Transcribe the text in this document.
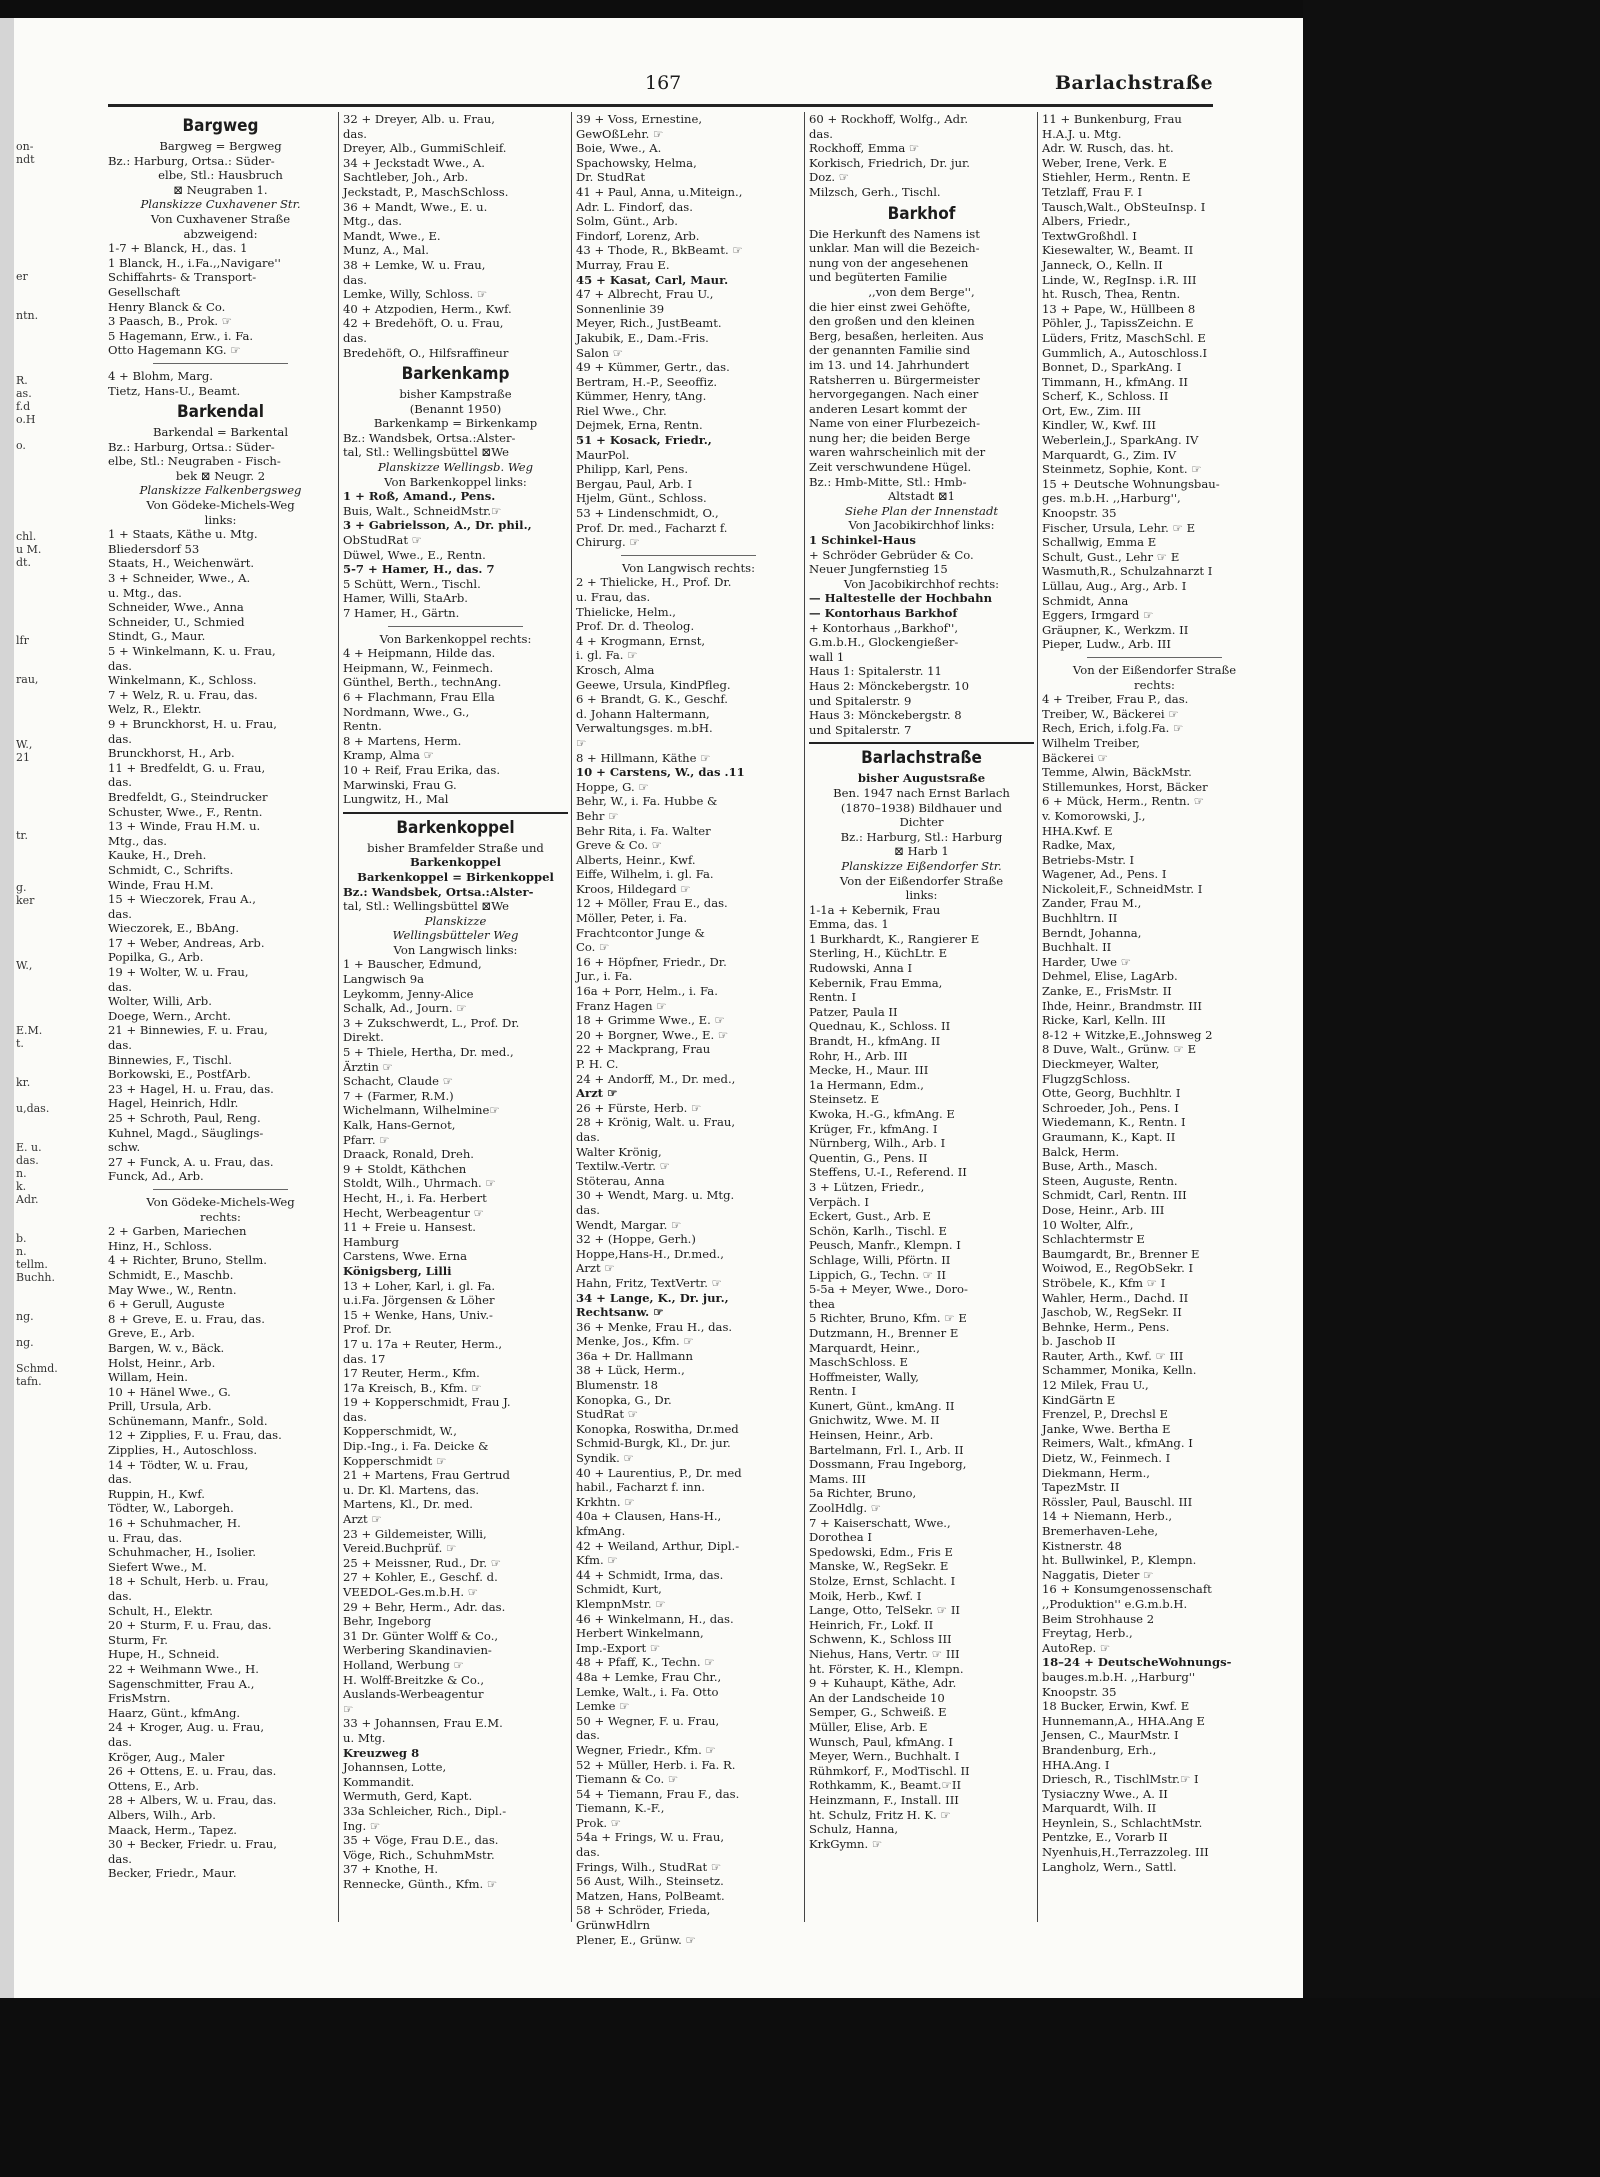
on-
ndt
er
ntn.
R.
as.
f.d
o.H
o.
chl.
u M.
dt.
lfr
rau,
W.,
21
tr.
g.
ker
W.,
E.M.
t.
kr.
u,das.
E. u.
das.
n.
k.
Adr.
b.
n.
tellm.
Buchh.
ng.
ng.
Schmd.
tafn.
167	Barlachstraße
Bargweg
Bargweg = Bergweg
Bz.: Harburg, Ortsa.: Süder-
elbe, Stl.: Hausbruch
⊠ Neugraben 1.
Planskizze Cuxhavener Str.
Von Cuxhavener Straße
abzweigend:
1-7 + Blanck, H., das. 1
1 Blanck, H., i.Fa.,,Navigare''
Schiffahrts- & Transport-
Gesellschaft
Henry Blanck & Co.
3 Paasch, B., Prok. ☞
5 Hagemann, Erw., i. Fa.
Otto Hagemann KG. ☞
4 + Blohm, Marg.
Tietz, Hans-U., Beamt.
Barkendal
Barkendal = Barkental
Bz.: Harburg, Ortsa.: Süder-
elbe, Stl.: Neugraben - Fisch-
bek ⊠ Neugr. 2
Planskizze Falkenbergsweg
Von Gödeke-Michels-Weg
links:
1 + Staats, Käthe u. Mtg.
Bliedersdorf 53
Staats, H., Weichenwärt.
3 + Schneider, Wwe., A.
u. Mtg., das.
Schneider, Wwe., Anna
Schneider, U., Schmied
Stindt, G., Maur.
5 + Winkelmann, K. u. Frau,
das.
Winkelmann, K., Schloss.
7 + Welz, R. u. Frau, das.
Welz, R., Elektr.
9 + Brunckhorst, H. u. Frau,
das.
Brunckhorst, H., Arb.
11 + Bredfeldt, G. u. Frau,
das.
Bredfeldt, G., Steindrucker
Schuster, Wwe., F., Rentn.
13 + Winde, Frau H.M. u.
Mtg., das.
Kauke, H., Dreh.
Schmidt, C., Schrifts.
Winde, Frau H.M.
15 + Wieczorek, Frau A.,
das.
Wieczorek, E., BbAng.
17 + Weber, Andreas, Arb.
Popilka, G., Arb.
19 + Wolter, W. u. Frau,
das.
Wolter, Willi, Arb.
Doege, Wern., Archt.
21 + Binnewies, F. u. Frau,
das.
Binnewies, F., Tischl.
Borkowski, E., PostfArb.
23 + Hagel, H. u. Frau, das.
Hagel, Heinrich, Hdlr.
25 + Schroth, Paul, Reng.
Kuhnel, Magd., Säuglings-
schw.
27 + Funck, A. u. Frau, das.
Funck, Ad., Arb.
Von Gödeke-Michels-Weg
rechts:
2 + Garben, Mariechen
Hinz, H., Schloss.
4 + Richter, Bruno, Stellm.
Schmidt, E., Maschb.
May Wwe., W., Rentn.
6 + Gerull, Auguste
8 + Greve, E. u. Frau, das.
Greve, E., Arb.
Bargen, W. v., Bäck.
Holst, Heinr., Arb.
Willam, Hein.
10 + Hänel Wwe., G.
Prill, Ursula, Arb.
Schünemann, Manfr., Sold.
12 + Zipplies, F. u. Frau, das.
Zipplies, H., Autoschloss.
14 + Tödter, W. u. Frau,
das.
Ruppin, H., Kwf.
Tödter, W., Laborgeh.
16 + Schuhmacher, H.
u. Frau, das.
Schuhmacher, H., Isolier.
Siefert Wwe., M.
18 + Schult, Herb. u. Frau,
das.
Schult, H., Elektr.
20 + Sturm, F. u. Frau, das.
Sturm, Fr.
Hupe, H., Schneid.
22 + Weihmann Wwe., H.
Sagenschmitter, Frau A.,
FrisMstrn.
Haarz, Günt., kfmAng.
24 + Kroger, Aug. u. Frau,
das.
Kröger, Aug., Maler
26 + Ottens, E. u. Frau, das.
Ottens, E., Arb.
28 + Albers, W. u. Frau, das.
Albers, Wilh., Arb.
Maack, Herm., Tapez.
30 + Becker, Friedr. u. Frau,
das.
Becker, Friedr., Maur.
32 + Dreyer, Alb. u. Frau,
das.
Dreyer, Alb., GummiSchleif.
34 + Jeckstadt Wwe., A.
Sachtleber, Joh., Arb.
Jeckstadt, P., MaschSchloss.
36 + Mandt, Wwe., E. u.
Mtg., das.
Mandt, Wwe., E.
Munz, A., Mal.
38 + Lemke, W. u. Frau,
das.
Lemke, Willy, Schloss. ☞
40 + Atzpodien, Herm., Kwf.
42 + Bredehöft, O. u. Frau,
das.
Bredehöft, O., Hilfsraffineur
Barkenkamp
bisher Kampstraße
(Benannt 1950)
Barkenkamp = Birkenkamp
Bz.: Wandsbek, Ortsa.:Alster-
tal, Stl.: Wellingsbüttel ⊠We
Planskizze Wellingsb. Weg
Von Barkenkoppel links:
1 + Roß, Amand., Pens.
Buis, Walt., SchneidMstr.☞
3 + Gabrielsson, A., Dr. phil.,
ObStudRat ☞
Düwel, Wwe., E., Rentn.
5-7 + Hamer, H., das. 7
5 Schütt, Wern., Tischl.
Hamer, Willi, StaArb.
7 Hamer, H., Gärtn.
Von Barkenkoppel rechts:
4 + Heipmann, Hilde das.
Heipmann, W., Feinmech.
Günthel, Berth., technAng.
6 + Flachmann, Frau Ella
Nordmann, Wwe., G.,
Rentn.
8 + Martens, Herm.
Kramp, Alma ☞
10 + Reif, Frau Erika, das.
Marwinski, Frau G.
Lungwitz, H., Mal
Barkenkoppel
bisher Bramfelder Straße und
Barkenkoppel
Barkenkoppel = Birkenkoppel
Bz.: Wandsbek, Ortsa.:Alster-
tal, Stl.: Wellingsbüttel ⊠We
Planskizze
Wellingsbütteler Weg
Von Langwisch links:
1 + Bauscher, Edmund,
Langwisch 9a
Leykomm, Jenny-Alice
Schalk, Ad., Journ. ☞
3 + Zukschwerdt, L., Prof. Dr.
Direkt.
5 + Thiele, Hertha, Dr. med.,
Ärztin ☞
Schacht, Claude ☞
7 + (Farmer, R.M.)
Wichelmann, Wilhelmine☞
Kalk, Hans-Gernot,
Pfarr. ☞
Draack, Ronald, Dreh.
9 + Stoldt, Käthchen
Stoldt, Wilh., Uhrmach. ☞
Hecht, H., i. Fa. Herbert
Hecht, Werbeagentur ☞
11 + Freie u. Hansest.
Hamburg
Carstens, Wwe. Erna
Königsberg, Lilli
13 + Loher, Karl, i. gl. Fa.
u.i.Fa. Jörgensen & Löher
15 + Wenke, Hans, Univ.-
Prof. Dr.
17 u. 17a + Reuter, Herm.,
das. 17
17 Reuter, Herm., Kfm.
17a Kreisch, B., Kfm. ☞
19 + Kopperschmidt, Frau J.
das.
Kopperschmidt, W.,
Dip.-Ing., i. Fa. Deicke &
Kopperschmidt ☞
21 + Martens, Frau Gertrud
u. Dr. Kl. Martens, das.
Martens, Kl., Dr. med.
Arzt ☞
23 + Gildemeister, Willi,
Vereid.Buchprüf. ☞
25 + Meissner, Rud., Dr. ☞
27 + Kohler, E., Geschf. d.
VEEDOL-Ges.m.b.H. ☞
29 + Behr, Herm., Adr. das.
Behr, Ingeborg
31 Dr. Günter Wolff & Co.,
Werbering Skandinavien-
Holland, Werbung ☞
H. Wolff-Breitzke & Co.,
Auslands-Werbeagentur
☞
33 + Johannsen, Frau E.M.
u. Mtg.
Kreuzweg 8
Johannsen, Lotte,
Kommandit.
Wermuth, Gerd, Kapt.
33a Schleicher, Rich., Dipl.-
Ing. ☞
35 + Vöge, Frau D.E., das.
Vöge, Rich., SchuhmMstr.
37 + Knothe, H.
Rennecke, Günth., Kfm. ☞
39 + Voss, Ernestine,
GewOßLehr. ☞
Boie, Wwe., A.
Spachowsky, Helma,
Dr. StudRat
41 + Paul, Anna, u.Miteign.,
Adr. L. Findorf, das.
Solm, Günt., Arb.
Findorf, Lorenz, Arb.
43 + Thode, R., BkBeamt. ☞
Murray, Frau E.
45 + Kasat, Carl, Maur.
47 + Albrecht, Frau U.,
Sonnenlinie 39
Meyer, Rich., JustBeamt.
Jakubik, E., Dam.-Fris.
Salon ☞
49 + Kümmer, Gertr., das.
Bertram, H.-P., Seeoffiz.
Kümmer, Henry, tAng.
Riel Wwe., Chr.
Dejmek, Erna, Rentn.
51 + Kosack, Friedr.,
MaurPol.
Philipp, Karl, Pens.
Bergau, Paul, Arb. I
Hjelm, Günt., Schloss.
53 + Lindenschmidt, O.,
Prof. Dr. med., Facharzt f.
Chirurg. ☞
Von Langwisch rechts:
2 + Thielicke, H., Prof. Dr.
u. Frau, das.
Thielicke, Helm.,
Prof. Dr. d. Theolog.
4 + Krogmann, Ernst,
i. gl. Fa. ☞
Krosch, Alma
Geewe, Ursula, KindPfleg.
6 + Brandt, G. K., Geschf.
d. Johann Haltermann,
Verwaltungsges. m.bH.
☞
8 + Hillmann, Käthe ☞
10 + Carstens, W., das .11
Hoppe, G. ☞
Behr, W., i. Fa. Hubbe &
Behr ☞
Behr Rita, i. Fa. Walter
Greve & Co. ☞
Alberts, Heinr., Kwf.
Eiffe, Wilhelm, i. gl. Fa.
Kroos, Hildegard ☞
12 + Möller, Frau E., das.
Möller, Peter, i. Fa.
Frachtcontor Junge &
Co. ☞
16 + Höpfner, Friedr., Dr.
Jur., i. Fa.
16a + Porr, Helm., i. Fa.
Franz Hagen ☞
18 + Grimme Wwe., E. ☞
20 + Borgner, Wwe., E. ☞
22 + Mackprang, Frau
P. H. C.
24 + Andorff, M., Dr. med.,
Arzt ☞
26 + Fürste, Herb. ☞
28 + Krönig, Walt. u. Frau,
das.
Walter Krönig,
Textilw.-Vertr. ☞
Stöterau, Anna
30 + Wendt, Marg. u. Mtg.
das.
Wendt, Margar. ☞
32 + (Hoppe, Gerh.)
Hoppe,Hans-H., Dr.med.,
Arzt ☞
Hahn, Fritz, TextVertr. ☞
34 + Lange, K., Dr. jur.,
Rechtsanw. ☞
36 + Menke, Frau H., das.
Menke, Jos., Kfm. ☞
36a + Dr. Hallmann
38 + Lück, Herm.,
Blumenstr. 18
Konopka, G., Dr.
StudRat ☞
Konopka, Roswitha, Dr.med
Schmid-Burgk, Kl., Dr. jur.
Syndik. ☞
40 + Laurentius, P., Dr. med
habil., Facharzt f. inn.
Krkhtn. ☞
40a + Clausen, Hans-H.,
kfmAng.
42 + Weiland, Arthur, Dipl.-
Kfm. ☞
44 + Schmidt, Irma, das.
Schmidt, Kurt,
KlempnMstr. ☞
46 + Winkelmann, H., das.
Herbert Winkelmann,
Imp.-Export ☞
48 + Pfaff, K., Techn. ☞
48a + Lemke, Frau Chr.,
Lemke, Walt., i. Fa. Otto
Lemke ☞
50 + Wegner, F. u. Frau,
das.
Wegner, Friedr., Kfm. ☞
52 + Müller, Herb. i. Fa. R.
Tiemann & Co. ☞
54 + Tiemann, Frau F., das.
Tiemann, K.-F.,
Prok. ☞
54a + Frings, W. u. Frau,
das.
Frings, Wilh., StudRat ☞
56 Aust, Wilh., Steinsetz.
Matzen, Hans, PolBeamt.
58 + Schröder, Frieda,
GrünwHdlrn
Plener, E., Grünw. ☞
60 + Rockhoff, Wolfg., Adr.
das.
Rockhoff, Emma ☞
Korkisch, Friedrich, Dr. jur.
Doz. ☞
Milzsch, Gerh., Tischl.
Barkhof
Die Herkunft des Namens ist
unklar. Man will die Bezeich-
nung von der angesehenen
und begüterten Familie
,,von dem Berge'',
die hier einst zwei Gehöfte,
den großen und den kleinen
Berg, besaßen, herleiten. Aus
der genannten Familie sind
im 13. und 14. Jahrhundert
Ratsherren u. Bürgermeister
hervorgegangen. Nach einer
anderen Lesart kommt der
Name von einer Flurbezeich-
nung her; die beiden Berge
waren wahrscheinlich mit der
Zeit verschwundene Hügel.
Bz.: Hmb-Mitte, Stl.: Hmb-
Altstadt ⊠1
Siehe Plan der Innenstadt
Von Jacobikirchhof links:
1 Schinkel-Haus
+ Schröder Gebrüder & Co.
Neuer Jungfernstieg 15
Von Jacobikirchhof rechts:
— Haltestelle der Hochbahn
— Kontorhaus Barkhof
+ Kontorhaus ,,Barkhof'',
G.m.b.H., Glockengießer-
wall 1
Haus 1: Spitalerstr. 11
Haus 2: Mönckebergstr. 10
und Spitalerstr. 9
Haus 3: Mönckebergstr. 8
und Spitalerstr. 7
Barlachstraße
bisher Augustsraße
Ben. 1947 nach Ernst Barlach
(1870–1938) Bildhauer und
Dichter
Bz.: Harburg, Stl.: Harburg
⊠ Harb 1
Planskizze Eißendorfer Str.
Von der Eißendorfer Straße
links:
1-1a + Kebernik, Frau
Emma, das. 1
1 Burkhardt, K., Rangierer E
Sterling, H., KüchLtr. E
Rudowski, Anna I
Kebernik, Frau Emma,
Rentn. I
Patzer, Paula II
Quednau, K., Schloss. II
Brandt, H., kfmAng. II
Rohr, H., Arb. III
Mecke, H., Maur. III
1a Hermann, Edm.,
Steinsetz. E
Kwoka, H.-G., kfmAng. E
Krüger, Fr., kfmAng. I
Nürnberg, Wilh., Arb. I
Quentin, G., Pens. II
Steffens, U.-I., Referend. II
3 + Lützen, Friedr.,
Verpäch. I
Eckert, Gust., Arb. E
Schön, Karlh., Tischl. E
Peusch, Manfr., Klempn. I
Schlage, Willi, Pförtn. II
Lippich, G., Techn. ☞ II
5-5a + Meyer, Wwe., Doro-
thea
5 Richter, Bruno, Kfm. ☞ E
Dutzmann, H., Brenner E
Marquardt, Heinr.,
MaschSchloss. E
Hoffmeister, Wally,
Rentn. I
Kunert, Günt., kmAng. II
Gnichwitz, Wwe. M. II
Heinsen, Heinr., Arb.
Bartelmann, Frl. I., Arb. II
Dossmann, Frau Ingeborg,
Mams. III
5a Richter, Bruno,
ZoolHdlg. ☞
7 + Kaiserschatt, Wwe.,
Dorothea I
Spedowski, Edm., Fris E
Manske, W., RegSekr. E
Stolze, Ernst, Schlacht. I
Moik, Herb., Kwf. I
Lange, Otto, TelSekr. ☞ II
Heinrich, Fr., Lokf. II
Schwenn, K., Schloss III
Niehus, Hans, Vertr. ☞ III
ht. Förster, K. H., Klempn.
9 + Kuhaupt, Käthe, Adr.
An der Landscheide 10
Semper, G., Schweiß. E
Müller, Elise, Arb. E
Wunsch, Paul, kfmAng. I
Meyer, Wern., Buchhalt. I
Rühmkorf, F., ModTischl. II
Rothkamm, K., Beamt.☞II
Heinzmann, F., Install. III
ht. Schulz, Fritz H. K. ☞
Schulz, Hanna,
KrkGymn. ☞
11 + Bunkenburg, Frau
H.A.J. u. Mtg.
Adr. W. Rusch, das. ht.
Weber, Irene, Verk. E
Stiehler, Herm., Rentn. E
Tetzlaff, Frau F. I
Tausch,Walt., ObSteuInsp. I
Albers, Friedr.,
TextwGroßhdl. I
Kiesewalter, W., Beamt. II
Janneck, O., Kelln. II
Linde, W., RegInsp. i.R. III
ht. Rusch, Thea, Rentn.
13 + Pape, W., Hüllbeen 8
Pöhler, J., TapissZeichn. E
Lüders, Fritz, MaschSchl. E
Gummlich, A., Autoschloss.I
Bonnet, D., SparkAng. I
Timmann, H., kfmAng. II
Scherf, K., Schloss. II
Ort, Ew., Zim. III
Kindler, W., Kwf. III
Weberlein,J., SparkAng. IV
Marquardt, G., Zim. IV
Steinmetz, Sophie, Kont. ☞
15 + Deutsche Wohnungsbau-
ges. m.b.H. ,,Harburg'',
Knoopstr. 35
Fischer, Ursula, Lehr. ☞ E
Schallwig, Emma E
Schult, Gust., Lehr ☞ E
Wasmuth,R., Schulzahnarzt I
Lüllau, Aug., Arg., Arb. I
Schmidt, Anna
Eggers, Irmgard ☞
Gräupner, K., Werkzm. II
Pieper, Ludw., Arb. III
Von der Eißendorfer Straße
rechts:
4 + Treiber, Frau P., das.
Treiber, W., Bäckerei ☞
Rech, Erich, i.folg.Fa. ☞
Wilhelm Treiber,
Bäckerei ☞
Temme, Alwin, BäckMstr.
Stillemunkes, Horst, Bäcker
6 + Mück, Herm., Rentn. ☞
v. Komorowski, J.,
HHA.Kwf. E
Radke, Max,
Betriebs-Mstr. I
Wagener, Ad., Pens. I
Nickoleit,F., SchneidMstr. I
Zander, Frau M.,
Buchhltrn. II
Berndt, Johanna,
Buchhalt. II
Harder, Uwe ☞
Dehmel, Elise, LagArb.
Zanke, E., FrisMstr. II
Ihde, Heinr., Brandmstr. III
Ricke, Karl, Kelln. III
8-12 + Witzke,E.,Johnsweg 2
8 Duve, Walt., Grünw. ☞ E
Dieckmeyer, Walter,
FlugzgSchloss.
Otte, Georg, Buchhltr. I
Schroeder, Joh., Pens. I
Wiedemann, K., Rentn. I
Graumann, K., Kapt. II
Balck, Herm.
Buse, Arth., Masch.
Steen, Auguste, Rentn.
Schmidt, Carl, Rentn. III
Dose, Heinr., Arb. III
10 Wolter, Alfr.,
Schlachtermstr E
Baumgardt, Br., Brenner E
Woiwod, E., RegObSekr. I
Ströbele, K., Kfm ☞ I
Wahler, Herm., Dachd. II
Jaschob, W., RegSekr. II
Behnke, Herm., Pens.
b. Jaschob II
Rauter, Arth., Kwf. ☞ III
Schammer, Monika, Kelln.
12 Milek, Frau U.,
KindGärtn E
Frenzel, P., Drechsl E
Janke, Wwe. Bertha E
Reimers, Walt., kfmAng. I
Dietz, W., Feinmech. I
Diekmann, Herm.,
TapezMstr. II
Rössler, Paul, Bauschl. III
14 + Niemann, Herb.,
Bremerhaven-Lehe,
Kistnerstr. 48
ht. Bullwinkel, P., Klempn.
Naggatis, Dieter ☞
16 + Konsumgenossenschaft
,,Produktion'' e.G.m.b.H.
Beim Strohhause 2
Freytag, Herb.,
AutoRep. ☞
18–24 + DeutscheWohnungs-
bauges.m.b.H. ,,Harburg''
Knoopstr. 35
18 Bucker, Erwin, Kwf. E
Hunnemann,A., HHA.Ang E
Jensen, C., MaurMstr. I
Brandenburg, Erh.,
HHA.Ang. I
Driesch, R., TischlMstr.☞ I
Tysiaczny Wwe., A. II
Marquardt, Wilh. II
Heynlein, S., SchlachtMstr.
Pentzke, E., Vorarb II
Nyenhuis,H.,Terrazzoleg. III
Langholz, Wern., Sattl.
